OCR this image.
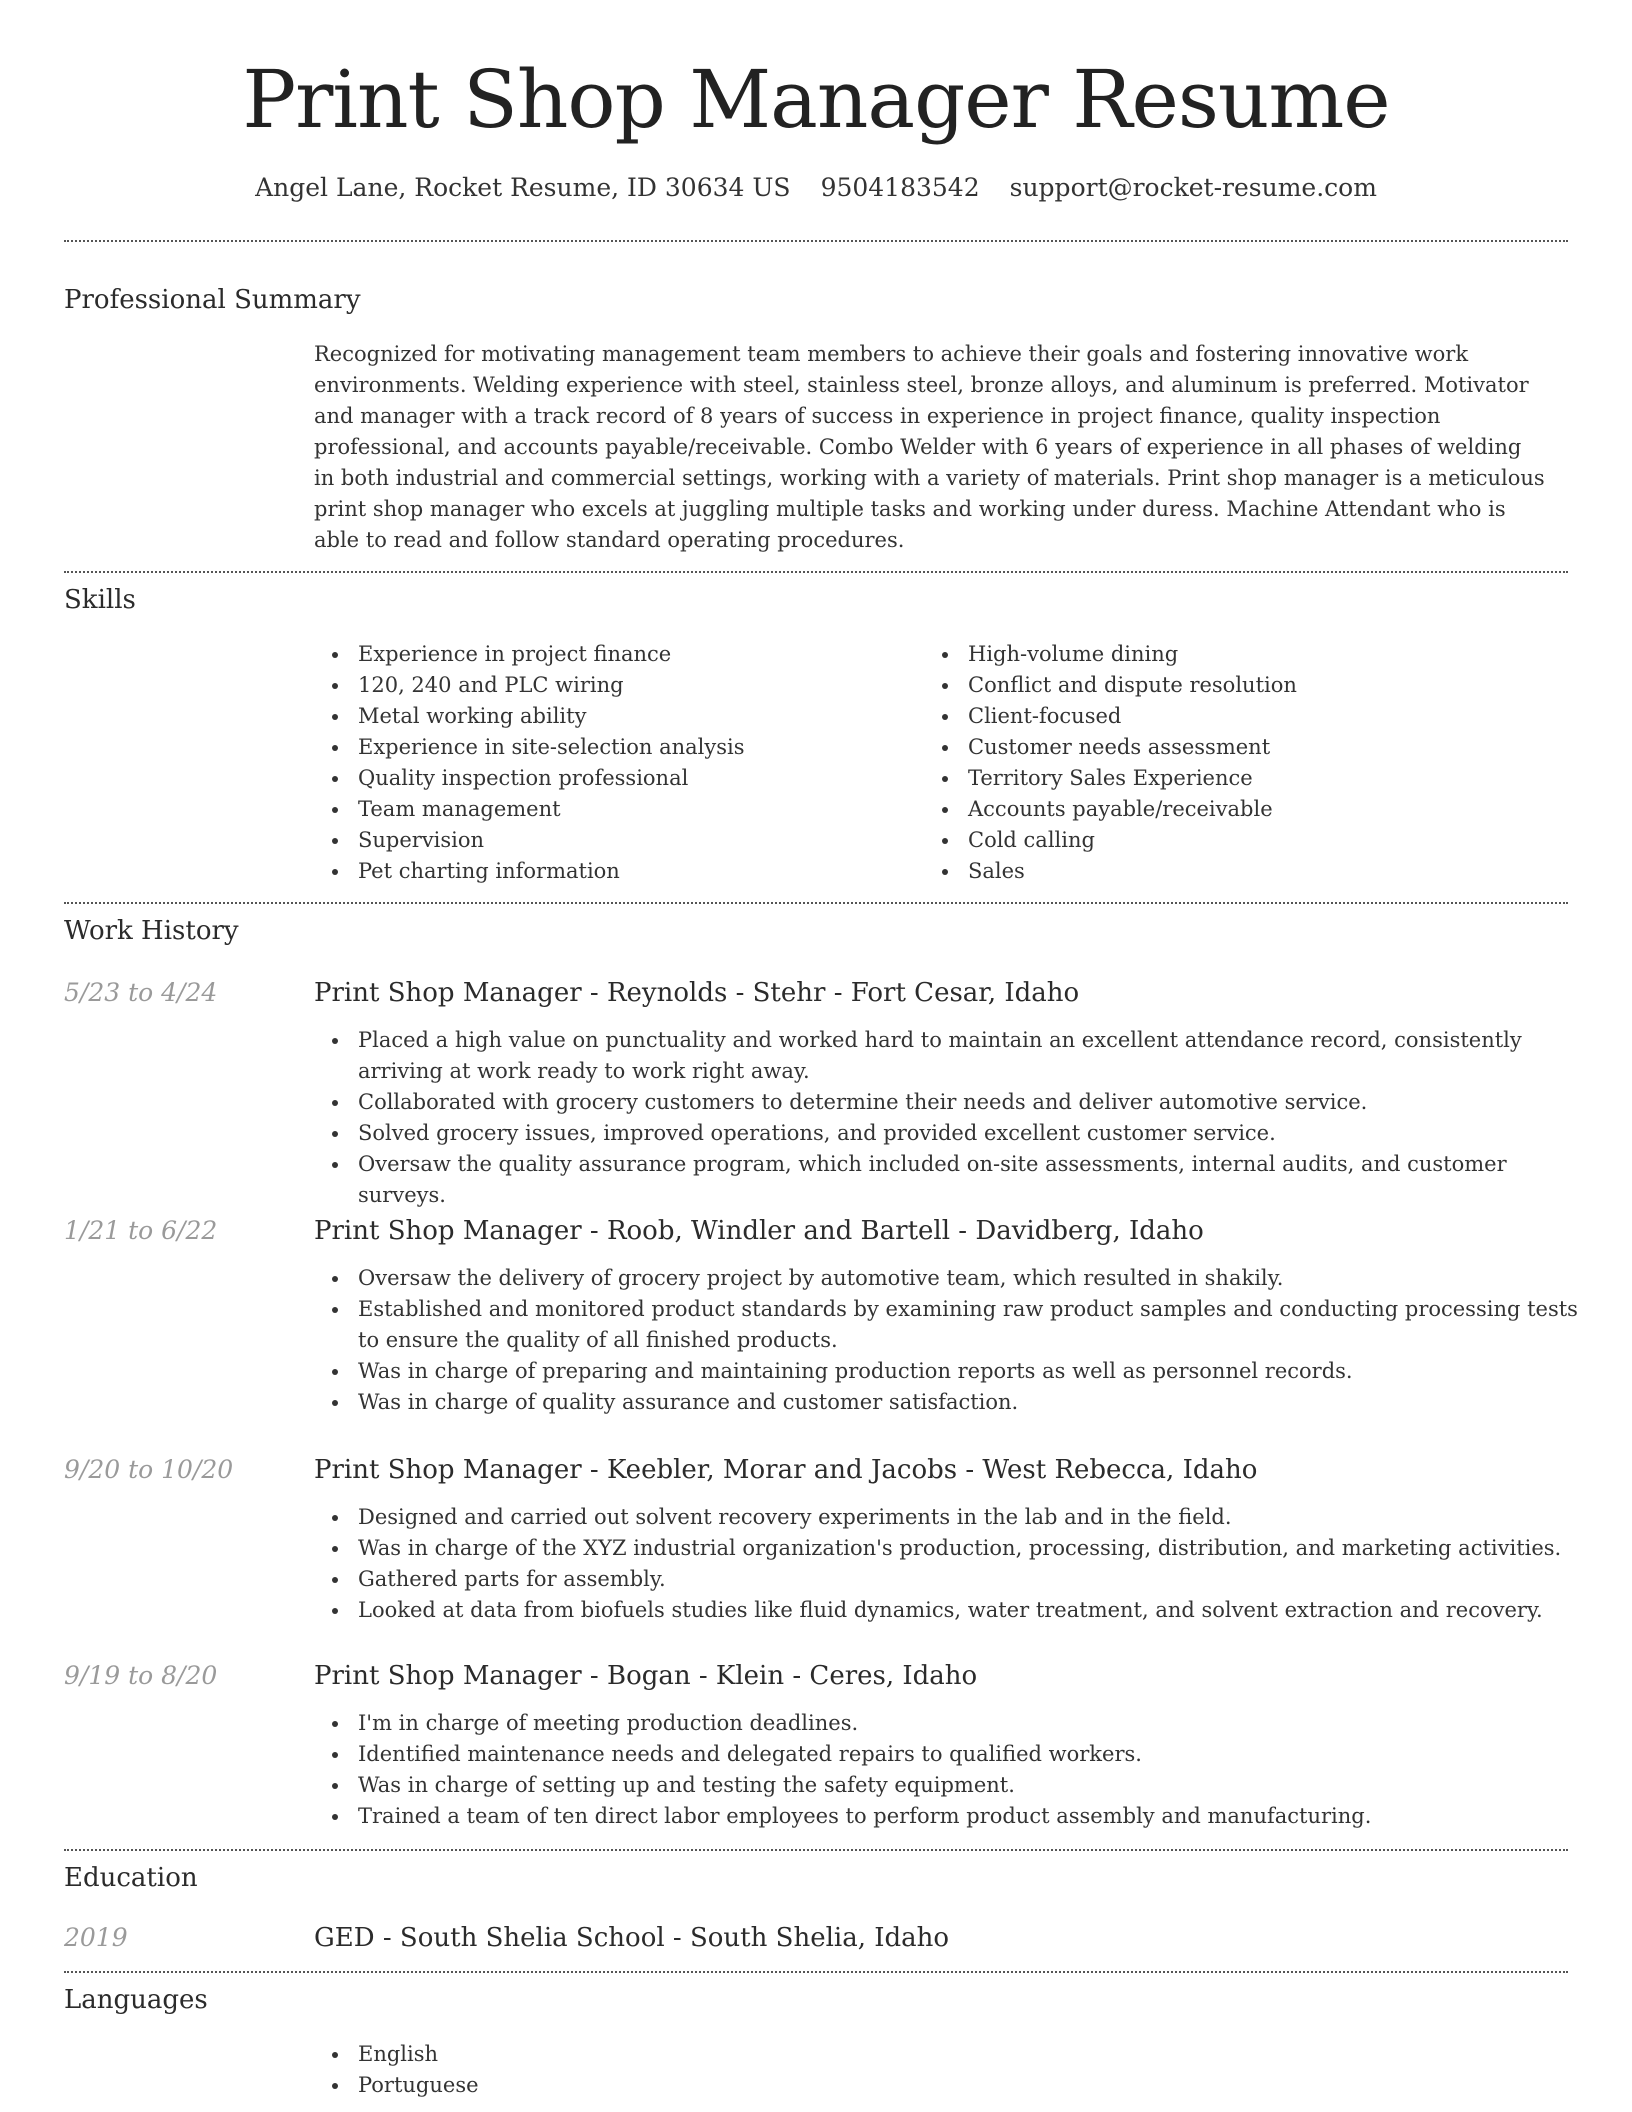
Print Shop Manager Resume
Angel Lane, Rocket Resume, ID 30634 US 9504183542 support@rocket-resume.com
Professional Summary

Recognized for motivating management team members to achieve their goals and fostering innovative work environments. Welding experience with steel, stainless steel, bronze alloys, and aluminum is preferred. Motivator and manager with a track record of 8 years of success in experience in project finance, quality inspection professional, and accounts payable/receivable. Combo Welder with 6 years of experience in all phases of welding in both industrial and commercial settings, working with a variety of materials. Print shop manager is a meticulous print shop manager who excels at juggling multiple tasks and working under duress. Machine Attendant who is able to read and follow standard operating procedures.

Skills
Experience in project finance
120, 240 and PLC wiring
Metal working ability
Experience in site-selection analysis
Quality inspection professional
Team management
Supervision
Pet charting information
High-volume dining
Conflict and dispute resolution
Client-focused
Customer needs assessment
Territory Sales Experience
Accounts payable/receivable
Cold calling
Sales
Work History
5/23 to 4/24	Print Shop Manager - Reynolds - Stehr - Fort Cesar, Idaho
Placed a high value on punctuality and worked hard to maintain an excellent attendance record, consistently arriving at work ready to work right away.
Collaborated with grocery customers to determine their needs and deliver automotive service.
Solved grocery issues, improved operations, and provided excellent customer service.
Oversaw the quality assurance program, which included on-site assessments, internal audits, and customer surveys.
1/21 to 6/22	Print Shop Manager - Roob, Windler and Bartell - Davidberg, Idaho
Oversaw the delivery of grocery project by automotive team, which resulted in shakily.
Established and monitored product standards by examining raw product samples and conducting processing tests to ensure the quality of all finished products.
Was in charge of preparing and maintaining production reports as well as personnel records.
Was in charge of quality assurance and customer satisfaction.
9/20 to 10/20	Print Shop Manager - Keebler, Morar and Jacobs - West Rebecca, Idaho
Designed and carried out solvent recovery experiments in the lab and in the field.
Was in charge of the XYZ industrial organization's production, processing, distribution, and marketing activities.
Gathered parts for assembly.
Looked at data from biofuels studies like fluid dynamics, water treatment, and solvent extraction and recovery.
9/19 to 8/20	Print Shop Manager - Bogan - Klein - Ceres, Idaho
I'm in charge of meeting production deadlines.
Identified maintenance needs and delegated repairs to qualified workers.
Was in charge of setting up and testing the safety equipment.
Trained a team of ten direct labor employees to perform product assembly and manufacturing.
Education
2019	GED - South Shelia School - South Shelia, Idaho
Languages
English
Portuguese
